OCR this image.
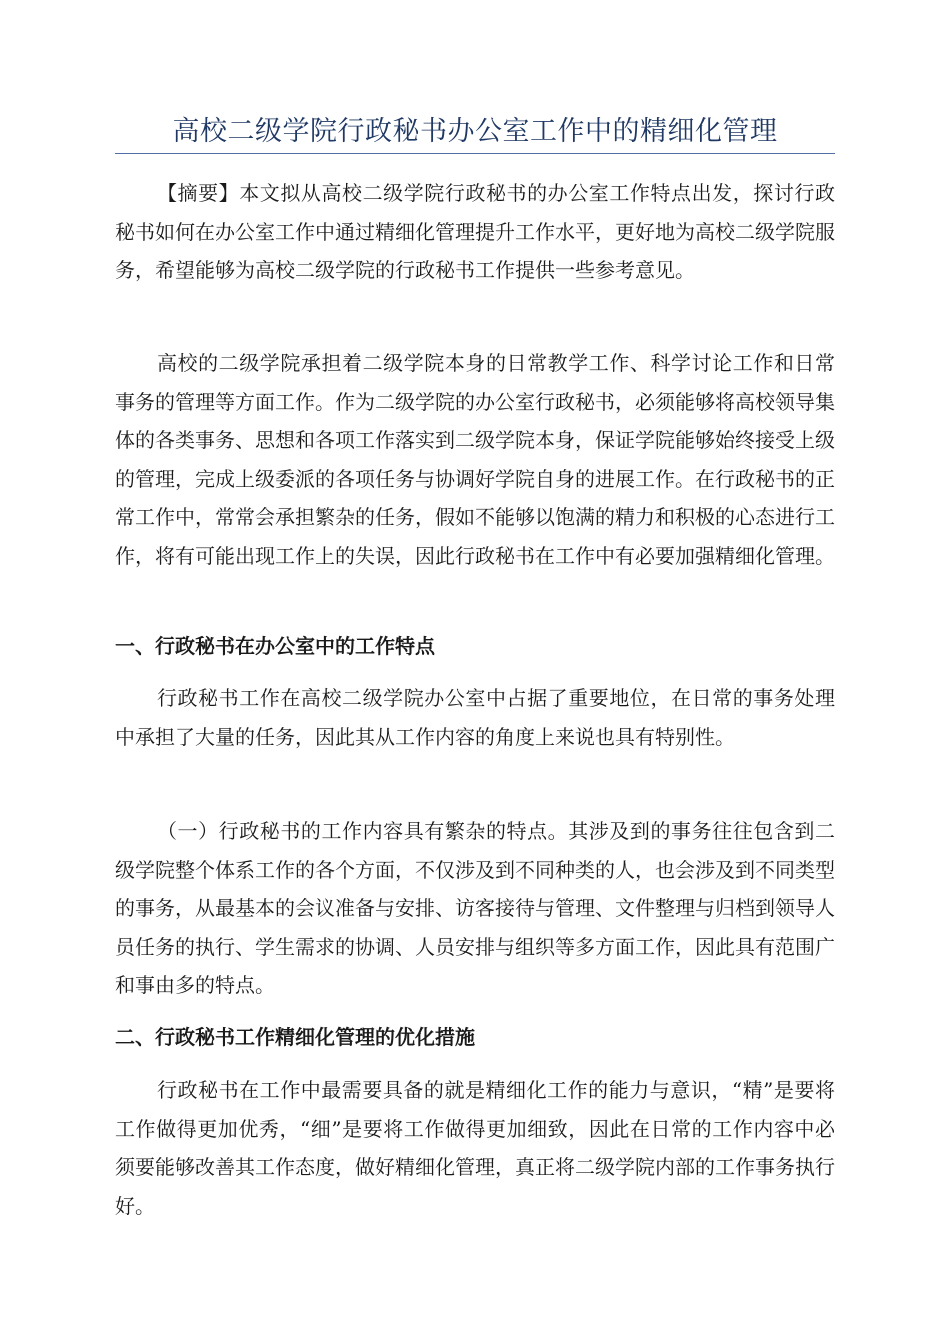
高校二级学院行政秘书办公室工作中的精细化管理
【摘要】本文拟从高校二级学院行政秘书的办公室工作特点出发，探讨行政秘书如何在办公室工作中通过精细化管理提升工作水平，更好地为高校二级学院服务，希望能够为高校二级学院的行政秘书工作提供一些参考意见。
高校的二级学院承担着二级学院本身的日常教学工作、科学讨论工作和日常事务的管理等方面工作。作为二级学院的办公室行政秘书，必须能够将高校领导集体的各类事务、思想和各项工作落实到二级学院本身，保证学院能够始终接受上级的管理，完成上级委派的各项任务与协调好学院自身的进展工作。在行政秘书的正常工作中，常常会承担繁杂的任务，假如不能够以饱满的精力和积极的心态进行工作，将有可能出现工作上的失误，因此行政秘书在工作中有必要加强精细化管理。
一、行政秘书在办公室中的工作特点
行政秘书工作在高校二级学院办公室中占据了重要地位，在日常的事务处理中承担了大量的任务，因此其从工作内容的角度上来说也具有特别性。
（一）行政秘书的工作内容具有繁杂的特点。其涉及到的事务往往包含到二级学院整个体系工作的各个方面，不仅涉及到不同种类的人，也会涉及到不同类型的事务，从最基本的会议准备与安排、访客接待与管理、文件整理与归档到领导人员任务的执行、学生需求的协调、人员安排与组织等多方面工作，因此具有范围广和事由多的特点。
二、行政秘书工作精细化管理的优化措施
行政秘书在工作中最需要具备的就是精细化工作的能力与意识，“精”是要将工作做得更加优秀，“细”是要将工作做得更加细致，因此在日常的工作内容中必须要能够改善其工作态度，做好精细化管理，真正将二级学院内部的工作事务执行好。
